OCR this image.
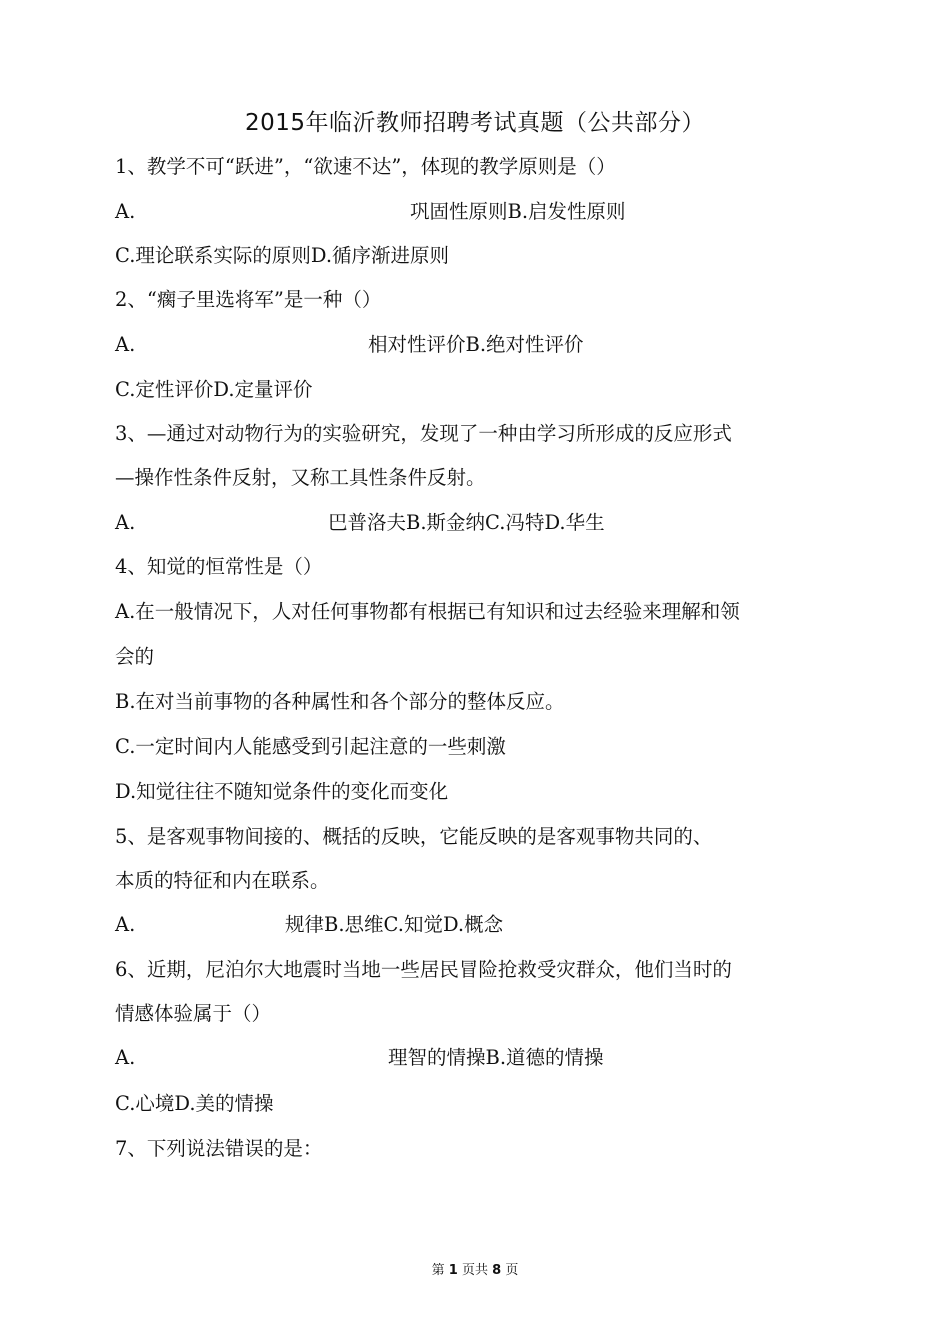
2015年临沂教师招聘考试真题（公共部分）
1、教学不可“跃进”，“欲速不达”，体现的教学原则是（）
A.	巩固性原则B.启发性原则
C.理论联系实际的原则D.循序渐进原则
2、“瘸子里选将军”是一种（）
A.	相对性评价B.绝对性评价
C.定性评价D.定量评价
3、—通过对动物行为的实验研究，发现了一种由学习所形成的反应形式
—操作性条件反射，又称工具性条件反射。
A.	巴普洛夫B.斯金纳C.冯特D.华生
4、知觉的恒常性是（）
A.在一般情况下，人对任何事物都有根据已有知识和过去经验来理解和领
会的
B.在对当前事物的各种属性和各个部分的整体反应。
C.一定时间内人能感受到引起注意的一些刺激
D.知觉往往不随知觉条件的变化而变化
5、是客观事物间接的、概括的反映，它能反映的是客观事物共同的、
本质的特征和内在联系。
A.	规律B.思维C.知觉D.概念
6、近期，尼泊尔大地震时当地一些居民冒险抢救受灾群众，他们当时的
情感体验属于（）
A.	理智的情操B.道德的情操
C.心境D.美的情操
7、下列说法错误的是：
第 1 页共 8 页
